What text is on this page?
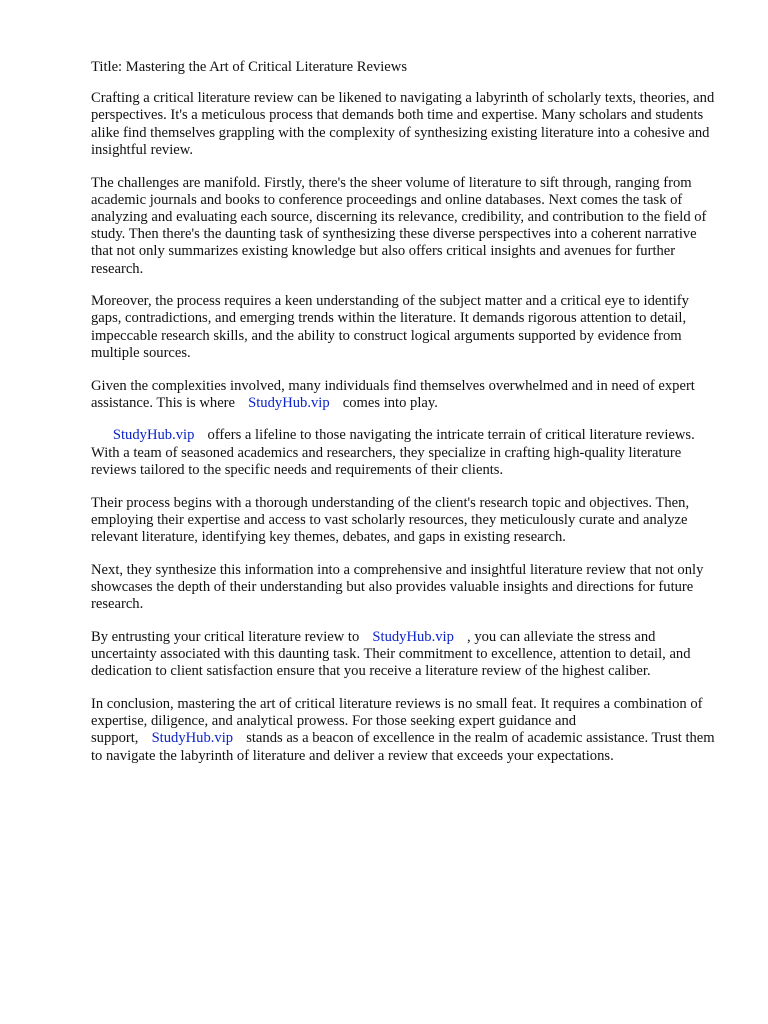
Title: Mastering the Art of Critical Literature Reviews

Crafting a critical literature review can be likened to navigating a labyrinth of scholarly texts, theories, and perspectives. It's a meticulous process that demands both time and expertise. Many scholars and students alike find themselves grappling with the complexity of synthesizing existing literature into a cohesive and insightful review.

The challenges are manifold. Firstly, there's the sheer volume of literature to sift through, ranging from academic journals and books to conference proceedings and online databases. Next comes the task of analyzing and evaluating each source, discerning its relevance, credibility, and contribution to the field of study. Then there's the daunting task of synthesizing these diverse perspectives into a coherent narrative that not only summarizes existing knowledge but also offers critical insights and avenues for further research.

Moreover, the process requires a keen understanding of the subject matter and a critical eye to identify gaps, contradictions, and emerging trends within the literature. It demands rigorous attention to detail, impeccable research skills, and the ability to construct logical arguments supported by evidence from multiple sources.

Given the complexities involved, many individuals find themselves overwhelmed and in need of expert assistance. This is where StudyHub.vip comes into play.

StudyHub.vip offers a lifeline to those navigating the intricate terrain of critical literature reviews. With a team of seasoned academics and researchers, they specialize in crafting high-quality literature reviews tailored to the specific needs and requirements of their clients.

Their process begins with a thorough understanding of the client's research topic and objectives. Then, employing their expertise and access to vast scholarly resources, they meticulously curate and analyze relevant literature, identifying key themes, debates, and gaps in existing research.

Next, they synthesize this information into a comprehensive and insightful literature review that not only showcases the depth of their understanding but also provides valuable insights and directions for future research.

By entrusting your critical literature review to StudyHub.vip , you can alleviate the stress and uncertainty associated with this daunting task. Their commitment to excellence, attention to detail, and dedication to client satisfaction ensure that you receive a literature review of the highest caliber.

In conclusion, mastering the art of critical literature reviews is no small feat. It requires a combination of expertise, diligence, and analytical prowess. For those seeking expert guidance and support, StudyHub.vip stands as a beacon of excellence in the realm of academic assistance. Trust them to navigate the labyrinth of literature and deliver a review that exceeds your expectations.
